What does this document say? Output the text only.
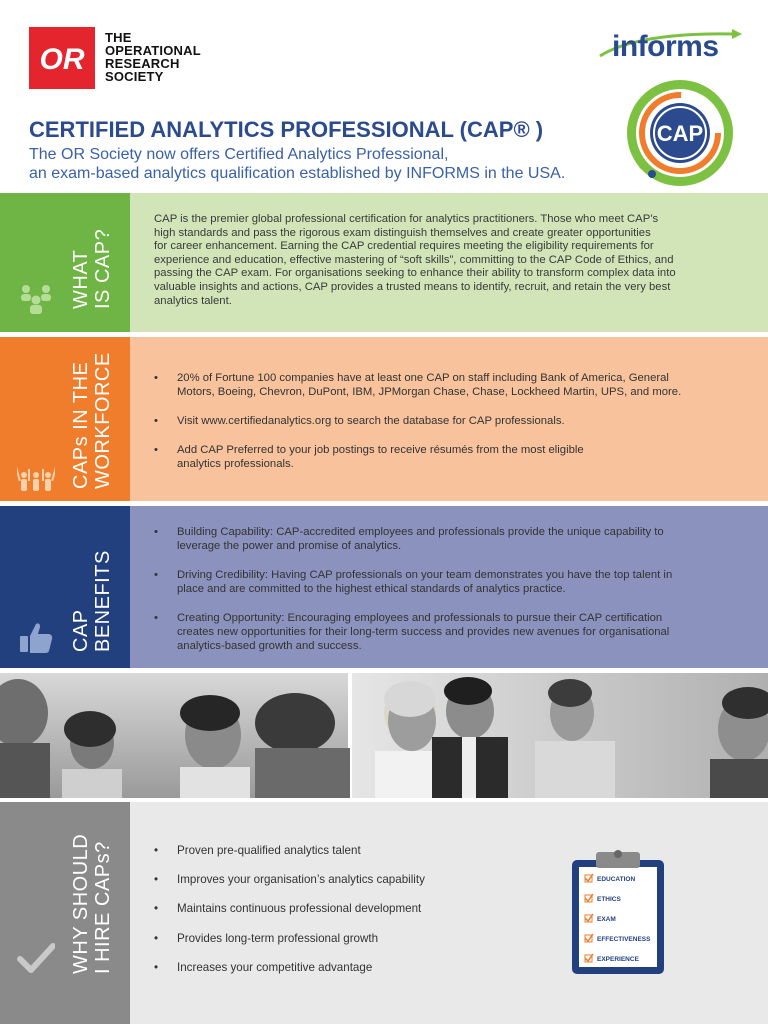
OR
THE
OPERATIONAL
RESEARCH
SOCIETY
informs
CAP
CERTIFIED ANALYTICS PROFESSIONAL (CAP® )
The OR Society now offers Certified Analytics Professional,
an exam-based analytics qualification established by INFORMS in the USA.
WHAT IS CAP?
CAP is the premier global professional certification for analytics practitioners. Those who meet CAP’s
high standards and pass the rigorous exam distinguish themselves and create greater opportunities
for career enhancement. Earning the CAP credential requires meeting the eligibility requirements for
experience and education, effective mastering of “soft skills”, committing to the CAP Code of Ethics, and
passing the CAP exam. For organisations seeking to enhance their ability to transform complex data into
valuable insights and actions, CAP provides a trusted means to identify, recruit, and retain the very best
analytics talent.
CAPs IN THE WORKFORCE	• 20% of Fortune 100 companies have at least one CAP on staff including Bank of America, General
Motors, Boeing, Chevron, DuPont, IBM, JPMorgan Chase, Chase, Lockheed Martin, UPS, and more.
• Visit www.certifiedanalytics.org to search the database for CAP professionals.
• Add CAP Preferred to your job postings to receive résumés from the most eligible
analytics professionals.
CAP BENEFITS
• Building Capability: CAP-accredited employees and professionals provide the unique capability to
leverage the power and promise of analytics.
• Driving Credibility: Having CAP professionals on your team demonstrates you have the top talent in
place and are committed to the highest ethical standards of analytics practice.
• Creating Opportunity: Encouraging employees and professionals to pursue their CAP certification
creates new opportunities for their long-term success and provides new avenues for organisational
analytics-based growth and success.
WHY SHOULD I HIRE CAPs?	• Proven pre-qualified analytics talent
• Improves your organisation’s analytics capability
• Maintains continuous professional development
• Provides long-term professional growth
• Increases your competitive advantage
EDUCATION
ETHICS
EXAM
EFFECTIVENESS
EXPERIENCE
